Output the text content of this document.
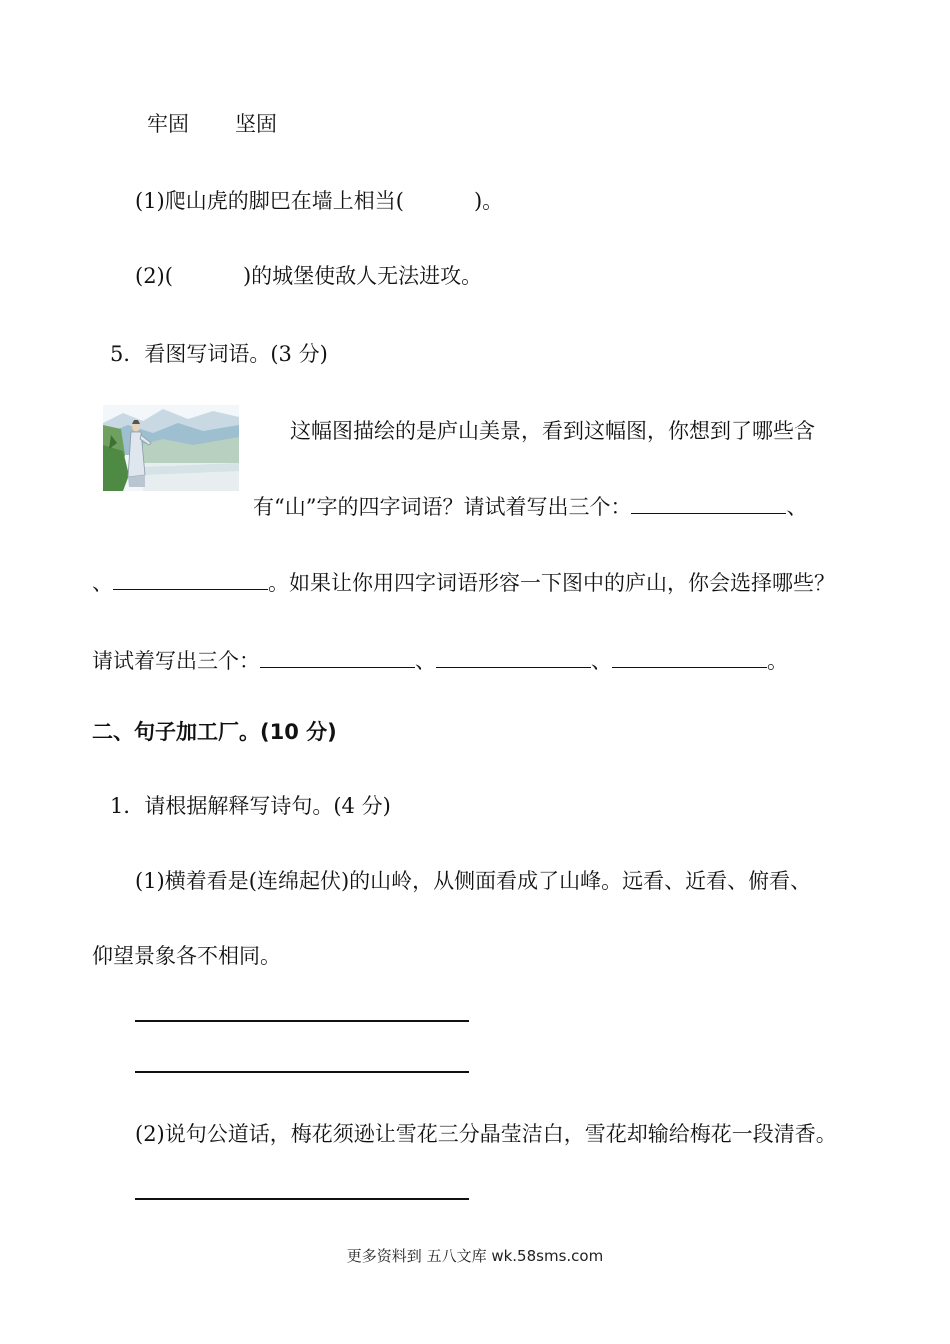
牢固 坚固
(1)爬山虎的脚巴在墙上相当(	)。
(2)(	)的城堡使敌人无法进攻。
5．看图写词语。(3 分)
这幅图描绘的是庐山美景，看到这幅图，你想到了哪些含
有“山”字的四字词语？请试着写出三个：	、
、	。如果让你用四字词语形容一下图中的庐山，你会选择哪些？
请试着写出三个：	、	、	。
二、句子加工厂。(10 分)
1．请根据解释写诗句。(4 分)
(1)横着看是(连绵起伏)的山岭，从侧面看成了山峰。远看、近看、俯看、
仰望景象各不相同。
(2)说句公道话，梅花须逊让雪花三分晶莹洁白，雪花却输给梅花一段清香。
更多资料到 五八文库 wk.58sms.com
